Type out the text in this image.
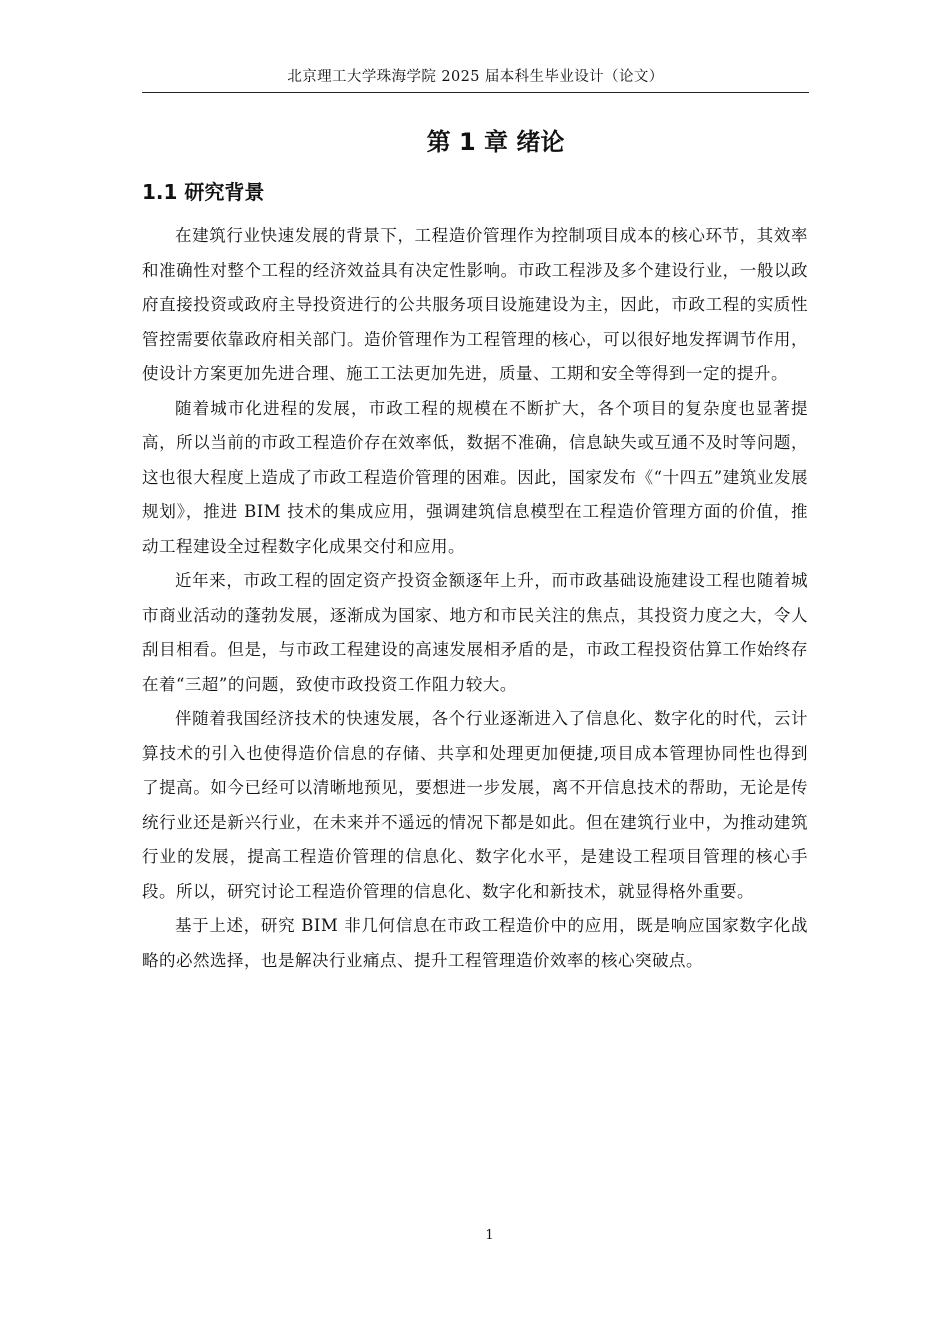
北京理工大学珠海学院 2025 届本科生毕业设计（论文）
第 1 章 绪论
1.1 研究背景

在建筑行业快速发展的背景下，工程造价管理作为控制项目成本的核心环节，其效率和准确性对整个工程的经济效益具有决定性影响。市政工程涉及多个建设行业，一般以政府直接投资或政府主导投资进行的公共服务项目设施建设为主，因此，市政工程的实质性管控需要依靠政府相关部门。造价管理作为工程管理的核心，可以很好地发挥调节作用，使设计方案更加先进合理、施工工法更加先进，质量、工期和安全等得到一定的提升。

随着城市化进程的发展，市政工程的规模在不断扩大，各个项目的复杂度也显著提高，所以当前的市政工程造价存在效率低，数据不准确，信息缺失或互通不及时等问题，这也很大程度上造成了市政工程造价管理的困难。因此，国家发布《“十四五”建筑业发展规划》，推进 BIM 技术的集成应用，强调建筑信息模型在工程造价管理方面的价值，推动工程建设全过程数字化成果交付和应用。

近年来，市政工程的固定资产投资金额逐年上升，而市政基础设施建设工程也随着城市商业活动的蓬勃发展，逐渐成为国家、地方和市民关注的焦点，其投资力度之大，令人刮目相看。但是，与市政工程建设的高速发展相矛盾的是，市政工程投资估算工作始终存在着“三超”的问题，致使市政投资工作阻力较大。

伴随着我国经济技术的快速发展，各个行业逐渐进入了信息化、数字化的时代，云计算技术的引入也使得造价信息的存储、共享和处理更加便捷,项目成本管理协同性也得到了提高。如今已经可以清晰地预见，要想进一步发展，离不开信息技术的帮助，无论是传统行业还是新兴行业，在未来并不遥远的情况下都是如此。但在建筑行业中，为推动建筑行业的发展，提高工程造价管理的信息化、数字化水平，是建设工程项目管理的核心手段。所以，研究讨论工程造价管理的信息化、数字化和新技术，就显得格外重要。

基于上述，研究 BIM 非几何信息在市政工程造价中的应用，既是响应国家数字化战略的必然选择，也是解决行业痛点、提升工程管理造价效率的核心突破点。

1
